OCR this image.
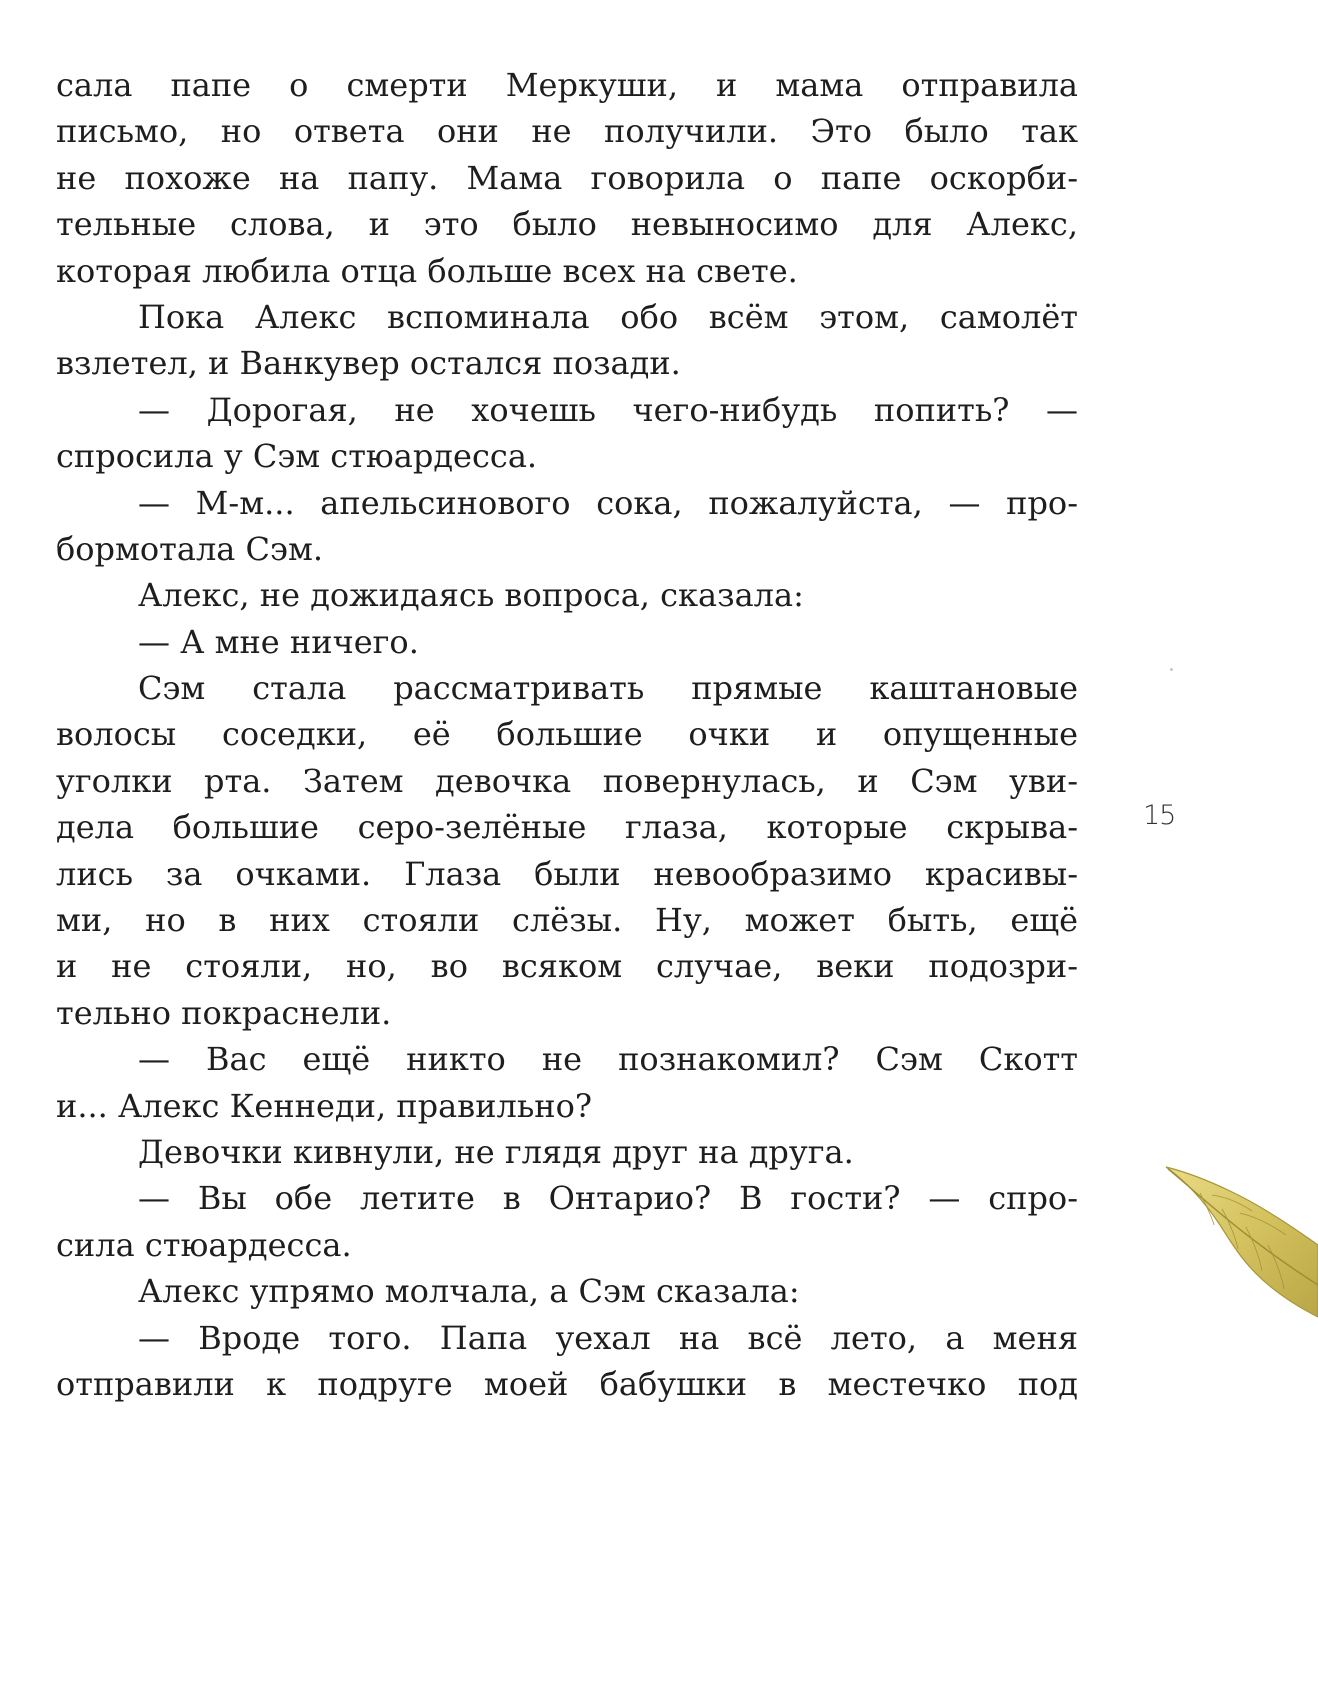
сала папе о смерти Меркуши, и мама отправила
письмо, но ответа они не получили. Это было так
не похоже на папу. Мама говорила о папе оскорби-
тельные слова, и это было невыносимо для Алекс,
которая любила отца больше всех на свете.
Пока Алекс вспоминала обо всём этом, самолёт
взлетел, и Ванкувер остался позади.
— Дорогая, не хочешь чего-нибудь попить? —
спросила у Сэм стюардесса.
— М-м... апельсинового сока, пожалуйста, — про-
бормотала Сэм.
Алекс, не дожидаясь вопроса, сказала:
— А мне ничего.
Сэм стала рассматривать прямые каштановые
волосы соседки, её большие очки и опущенные
уголки рта. Затем девочка повернулась, и Сэм уви-
дела большие серо-зелёные глаза, которые скрыва-
лись за очками. Глаза были невообразимо красивы-
ми, но в них стояли слёзы. Ну, может быть, ещё
и не стояли, но, во всяком случае, веки подозри-
тельно покраснели.
— Вас ещё никто не познакомил? Сэм Скотт
и... Алекс Кеннеди, правильно?
Девочки кивнули, не глядя друг на друга.
— Вы обе летите в Онтарио? В гости? — спро-
сила стюардесса.
Алекс упрямо молчала, а Сэм сказала:
— Вроде того. Папа уехал на всё лето, а меня
отправили к подруге моей бабушки в местечко под
15
